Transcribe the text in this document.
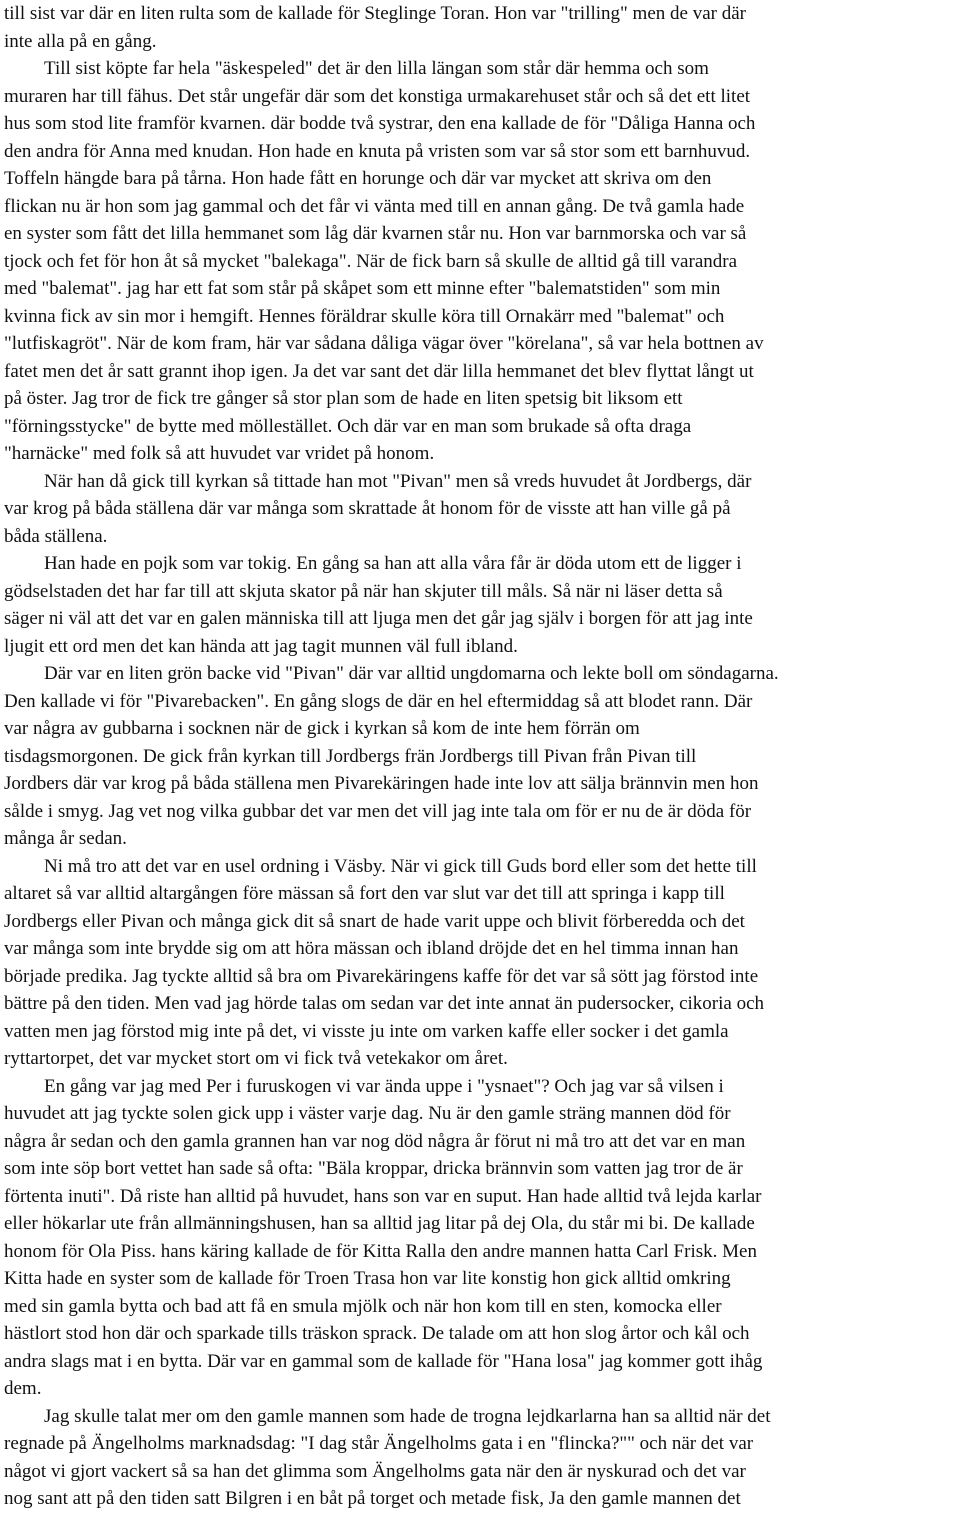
till sist var där en liten rulta som de kallade för Steglinge Toran. Hon var "trilling" men de var där
inte alla på en gång.
Till sist köpte far hela "äskespeled" det är den lilla längan som står där hemma och som
muraren har till fähus. Det står ungefär där som det konstiga urmakarehuset står och så det ett litet
hus som stod lite framför kvarnen. där bodde två systrar, den ena kallade de för "Dåliga Hanna och
den andra för Anna med knudan. Hon hade en knuta på vristen som var så stor som ett barnhuvud.
Toffeln hängde bara på tårna. Hon hade fått en horunge och där var mycket att skriva om den
flickan nu är hon som jag gammal och det får vi vänta med till en annan gång. De två gamla hade
en syster som fått det lilla hemmanet som låg där kvarnen står nu. Hon var barnmorska och var så
tjock och fet för hon åt så mycket "balekaga". När de fick barn så skulle de alltid gå till varandra
med "balemat". jag har ett fat som står på skåpet som ett minne efter "balematstiden" som min
kvinna fick av sin mor i hemgift. Hennes föräldrar skulle köra till Ornakärr med "balemat" och
"lutfiskagröt". När de kom fram, här var sådana dåliga vägar över "körelana", så var hela bottnen av
fatet men det år satt grannt ihop igen. Ja det var sant det där lilla hemmanet det blev flyttat långt ut
på öster. Jag tror de fick tre gånger så stor plan som de hade en liten spetsig bit liksom ett
"förningsstycke" de bytte med möllestället. Och där var en man som brukade så ofta draga
"harnäcke" med folk så att huvudet var vridet på honom.
När han då gick till kyrkan så tittade han mot "Pivan" men så vreds huvudet åt Jordbergs, där
var krog på båda ställena där var många som skrattade åt honom för de visste att han ville gå på
båda ställena.
Han hade en pojk som var tokig. En gång sa han att alla våra får är döda utom ett de ligger i
gödselstaden det har far till att skjuta skator på när han skjuter till måls. Så när ni läser detta så
säger ni väl att det var en galen människa till att ljuga men det går jag själv i borgen för att jag inte
ljugit ett ord men det kan hända att jag tagit munnen väl full ibland.
Där var en liten grön backe vid "Pivan" där var alltid ungdomarna och lekte boll om söndagarna.
Den kallade vi för "Pivarebacken". En gång slogs de där en hel eftermiddag så att blodet rann. Där
var några av gubbarna i socknen när de gick i kyrkan så kom de inte hem förrän om
tisdagsmorgonen. De gick från kyrkan till Jordbergs frän Jordbergs till Pivan från Pivan till
Jordbers där var krog på båda ställena men Pivarekäringen hade inte lov att sälja brännvin men hon
sålde i smyg. Jag vet nog vilka gubbar det var men det vill jag inte tala om för er nu de är döda för
många år sedan.
Ni må tro att det var en usel ordning i Väsby. När vi gick till Guds bord eller som det hette till
altaret så var alltid altargången före mässan så fort den var slut var det till att springa i kapp till
Jordbergs eller Pivan och många gick dit så snart de hade varit uppe och blivit förberedda och det
var många som inte brydde sig om att höra mässan och ibland dröjde det en hel timma innan han
började predika. Jag tyckte alltid så bra om Pivarekäringens kaffe för det var så sött jag förstod inte
bättre på den tiden. Men vad jag hörde talas om sedan var det inte annat än pudersocker, cikoria och
vatten men jag förstod mig inte på det, vi visste ju inte om varken kaffe eller socker i det gamla
ryttartorpet, det var mycket stort om vi fick två vetekakor om året.
En gång var jag med Per i furuskogen vi var ända uppe i "ysnaet"? Och jag var så vilsen i
huvudet att jag tyckte solen gick upp i väster varje dag. Nu är den gamle sträng mannen död för
några år sedan och den gamla grannen han var nog död några år förut ni må tro att det var en man
som inte söp bort vettet han sade så ofta: "Bäla kroppar, dricka brännvin som vatten jag tror de är
förtenta inuti". Då riste han alltid på huvudet, hans son var en suput. Han hade alltid två lejda karlar
eller hökarlar ute från allmänningshusen, han sa alltid jag litar på dej Ola, du står mi bi. De kallade
honom för Ola Piss. hans käring kallade de för Kitta Ralla den andre mannen hatta Carl Frisk. Men
Kitta hade en syster som de kallade för Troen Trasa hon var lite konstig hon gick alltid omkring
med sin gamla bytta och bad att få en smula mjölk och när hon kom till en sten, komocka eller
hästlort stod hon där och sparkade tills träskon sprack. De talade om att hon slog årtor och kål och
andra slags mat i en bytta. Där var en gammal som de kallade för "Hana losa" jag kommer gott ihåg
dem.
Jag skulle talat mer om den gamle mannen som hade de trogna lejdkarlarna han sa alltid när det
regnade på Ängelholms marknadsdag: "I dag står Ängelholms gata i en "flincka?"" och när det var
något vi gjort vackert så sa han det glimma som Ängelholms gata när den är nyskurad och det var
nog sant att på den tiden satt Bilgren i en båt på torget och metade fisk, Ja den gamle mannen det
